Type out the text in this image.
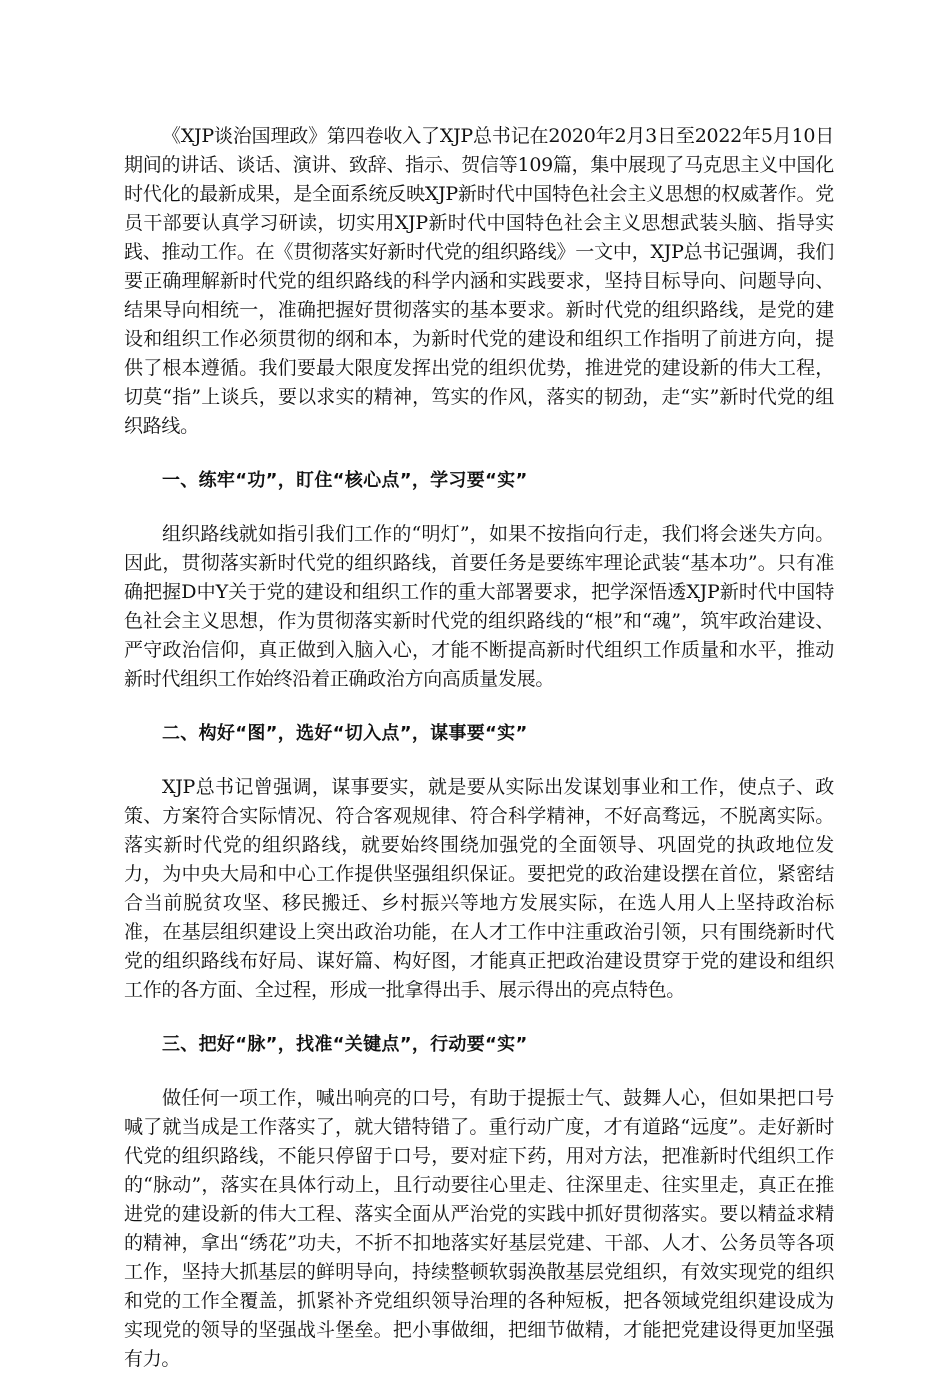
《XJP谈治国理政》第四卷收入了XJP总书记在2020年2月3日至2022年5月10日期间的讲话、谈话、演讲、致辞、指示、贺信等109篇，集中展现了马克思主义中国化时代化的最新成果，是全面系统反映XJP新时代中国特色社会主义思想的权威著作。党员干部要认真学习研读，切实用XJP新时代中国特色社会主义思想武装头脑、指导实践、推动工作。在《贯彻落实好新时代党的组织路线》一文中，XJP总书记强调，我们要正确理解新时代党的组织路线的科学内涵和实践要求，坚持目标导向、问题导向、结果导向相统一，准确把握好贯彻落实的基本要求。新时代党的组织路线，是党的建设和组织工作必须贯彻的纲和本，为新时代党的建设和组织工作指明了前进方向，提供了根本遵循。我们要最大限度发挥出党的组织优势，推进党的建设新的伟大工程，切莫“指”上谈兵，要以求实的精神，笃实的作风，落实的韧劲，走“实”新时代党的组织路线。

一、练牢“功”，盯住“核心点”，学习要“实”

组织路线就如指引我们工作的“明灯”，如果不按指向行走，我们将会迷失方向。因此，贯彻落实新时代党的组织路线，首要任务是要练牢理论武装“基本功”。只有准确把握D中Y关于党的建设和组织工作的重大部署要求，把学深悟透XJP新时代中国特色社会主义思想，作为贯彻落实新时代党的组织路线的“根”和“魂”，筑牢政治建设、严守政治信仰，真正做到入脑入心，才能不断提高新时代组织工作质量和水平，推动新时代组织工作始终沿着正确政治方向高质量发展。

二、构好“图”，选好“切入点”，谋事要“实”

XJP总书记曾强调，谋事要实，就是要从实际出发谋划事业和工作，使点子、政策、方案符合实际情况、符合客观规律、符合科学精神，不好高骛远，不脱离实际。落实新时代党的组织路线，就要始终围绕加强党的全面领导、巩固党的执政地位发力，为中央大局和中心工作提供坚强组织保证。要把党的政治建设摆在首位，紧密结合当前脱贫攻坚、移民搬迁、乡村振兴等地方发展实际，在选人用人上坚持政治标准，在基层组织建设上突出政治功能，在人才工作中注重政治引领，只有围绕新时代党的组织路线布好局、谋好篇、构好图，才能真正把政治建设贯穿于党的建设和组织工作的各方面、全过程，形成一批拿得出手、展示得出的亮点特色。

三、把好“脉”，找准“关键点”，行动要“实”

做任何一项工作，喊出响亮的口号，有助于提振士气、鼓舞人心，但如果把口号喊了就当成是工作落实了，就大错特错了。重行动广度，才有道路“远度”。走好新时代党的组织路线，不能只停留于口号，要对症下药，用对方法，把准新时代组织工作的“脉动”，落实在具体行动上，且行动要往心里走、往深里走、往实里走，真正在推进党的建设新的伟大工程、落实全面从严治党的实践中抓好贯彻落实。要以精益求精的精神，拿出“绣花”功夫，不折不扣地落实好基层党建、干部、人才、公务员等各项工作，坚持大抓基层的鲜明导向，持续整顿软弱涣散基层党组织，有效实现党的组织和党的工作全覆盖，抓紧补齐党组织领导治理的各种短板，把各领域党组织建设成为实现党的领导的坚强战斗堡垒。把小事做细，把细节做精，才能把党建设得更加坚强有力。
